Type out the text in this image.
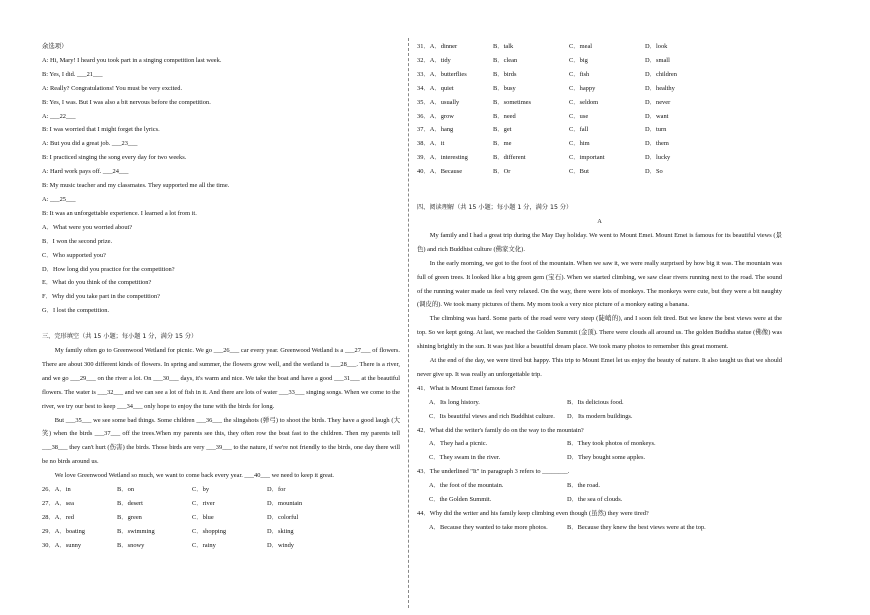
余选项）

A: Hi, Mary! I heard you took part in a singing competition last week.

B: Yes, I did. ___21___

A: Really? Congratulations! You must be very excited.

B: Yes, I was. But I was also a bit nervous before the competition.

A: ___22___

B: I was worried that I might forget the lyrics.

A: But you did a great job. ___23___

B: I practiced singing the song every day for two weeks.

A: Hard work pays off. ___24___

B: My music teacher and my classmates. They supported me all the time.

A: ___25___

B: It was an unforgettable experience. I learned a lot from it.

A．What were you worried about?

B．I won the second prize.

C．Who supported you?

D．How long did you practice for the competition?

E．What do you think of the competition?

F．Why did you take part in the competition?

G．I lost the competition.

三、完形填空（共 15 小题；每小题 1 分，满分 15 分）

My family often go to Greenwood Wetland for picnic. We go ___26___ car every year. Greenwood Wetland is a ___27___ of flowers. There are about 300 different kinds of flowers. In spring and summer, the flowers grow well, and the wetland is ___28___. There is a river, and we go ___29___ on the river a lot. On ___30___ days, it's warm and nice. We take the boat and have a good ___31___ at the beautiful flowers. The water is ___32___ and we can see a lot of fish in it. And there are lots of water ___33___ singing songs. When we come to the river, we try our best to keep ___34___ only hope to enjoy the tune with the birds for long.

But ___35___ we see some bad things. Some children ___36___ the slingshots (弹弓) to shoot the birds. They have a good laugh (大笑) when the birds ___37___ off the trees.When my parents see this, they often row the boat fast to the children. Then my parents tell ___38___ they can't hurt (伤害) the birds. Those birds are very ___39___ to the nature, if we're not friendly to the birds, one day there will be no birds around us.

We love Greenwood Wetland so much, we want to come back every year. ___40___ we need to keep it great.

26．A．in	B．on	C．by	D．for
27．A．sea	B．desert	C．river	D．mountain
28．A．red	B．green	C．blue	D．colorful
29．A．boating	B．swimming	C．shopping	D．skiing
30．A．sunny	B．snowy	C．rainy	D．windy
31．A．dinner	B．talk	C．meal	D．look
32．A．tidy	B．clean	C．big	D．small
33．A．butterflies	B．birds	C．fish	D．children
34．A．quiet	B．busy	C．happy	D．healthy
35．A．usually	B．sometimes	C．seldom	D．never
36．A．grow	B．need	C．use	D．want
37．A．hang	B．get	C．fall	D．turn
38．A．it	B．me	C．him	D．them
39．A．interesting	B．different	C．important	D．lucky
40．A．Because	B．Or	C．But	D．So

四、阅读理解（共 15 小题；每小题 1 分，满分 15 分）

A

My family and I had a great trip during the May Day holiday. We went to Mount Emei. Mount Emei is famous for its beautiful views (景色) and rich Buddhist culture (佛家文化).

In the early morning, we got to the foot of the mountain. When we saw it, we were really surprised by how big it was. The mountain was full of green trees. It looked like a big green gem (宝石). When we started climbing, we saw clear rivers running next to the road. The sound of the running water made us feel very relaxed. On the way, there were lots of monkeys. The monkeys were cute, but they were a bit naughty (调皮的). We took many pictures of them. My mom took a very nice picture of a monkey eating a banana.

The climbing was hard. Some parts of the road were very steep (陡峭的), and I soon felt tired. But we knew the best views were at the top. So we kept going. At last, we reached the Golden Summit (金顶). There were clouds all around us. The golden Buddha statue (佛像) was shining brightly in the sun. It was just like a beautiful dream place. We took many photos to remember this great moment.

At the end of the day, we were tired but happy. This trip to Mount Emei let us enjoy the beauty of nature. It also taught us that we should never give up. It was really an unforgettable trip.

41．What is Mount Emei famous for?

A．Its long history.	B．Its delicious food.
C．Its beautiful views and rich Buddhist culture.	D．Its modern buildings.

42．What did the writer's family do on the way to the mountain?

A．They had a picnic.	B．They took photos of monkeys.
C．They swam in the river.	D．They bought some apples.

43．The underlined "It" in paragraph 3 refers to ________.

A．the foot of the mountain.	B．the road.
C．the Golden Summit.	D．the sea of clouds.

44．Why did the writer and his family keep climbing even though (虽然) they were tired?

A．Because they wanted to take more photos.	B．Because they knew the best views were at the top.
